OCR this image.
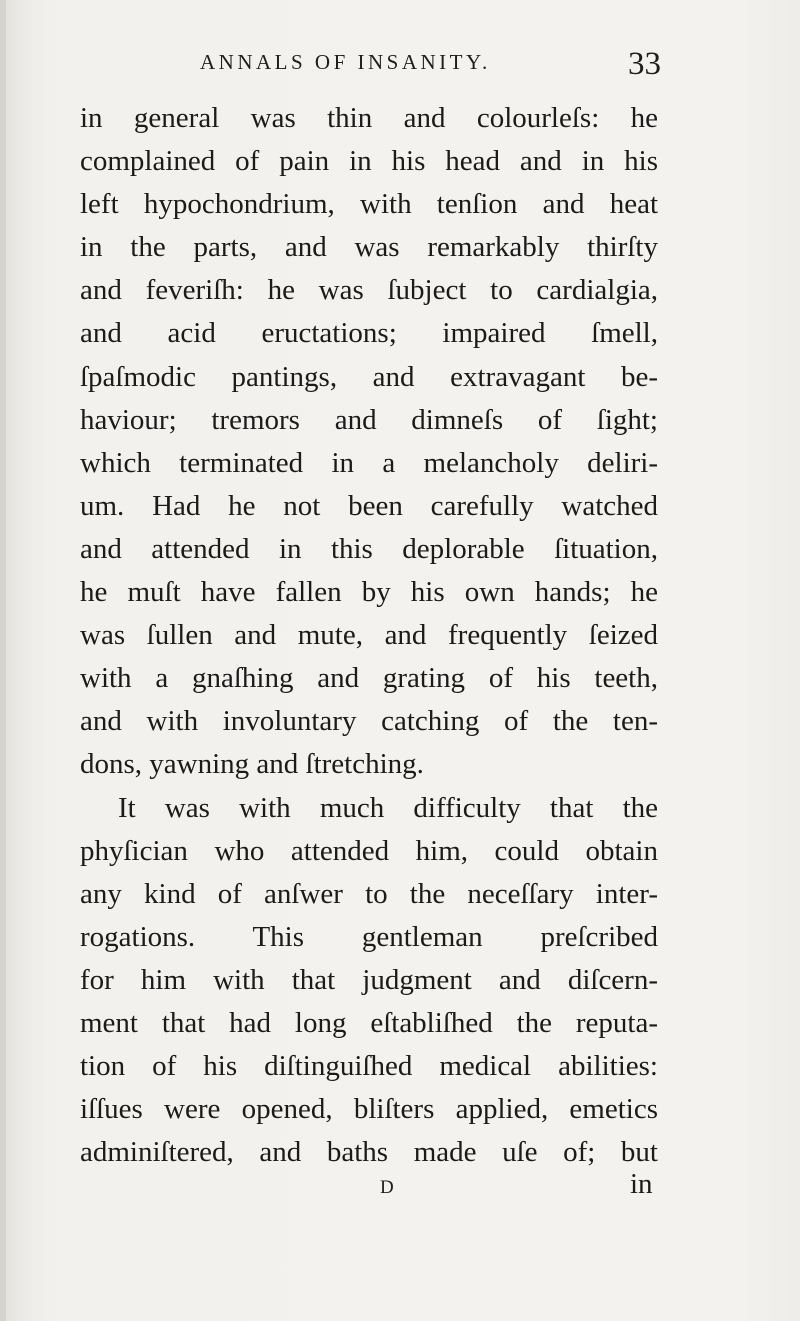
ANNALS OF INSANITY.	33
in general was thin and colourleſs: he
complained of pain in his head and in his
left hypochondrium, with tenſion and heat
in the parts, and was remarkably thirſty
and feveriſh: he was ſubject to cardialgia,
and acid eructations; impaired ſmell,
ſpaſmodic pantings, and extravagant be-
haviour; tremors and dimneſs of ſight;
which terminated in a melancholy deliri-
um. Had he not been carefully watched
and attended in this deplorable ſituation,
he muſt have fallen by his own hands; he
was ſullen and mute, and frequently ſeized
with a gnaſhing and grating of his teeth,
and with involuntary catching of the ten-
dons, yawning and ſtretching.
It was with much difficulty that the
phyſician who attended him, could obtain
any kind of anſwer to the neceſſary inter-
rogations. This gentleman preſcribed
for him with that judgment and diſcern-
ment that had long eſtabliſhed the reputa-
tion of his diſtinguiſhed medical abilities:
iſſues were opened, bliſters applied, emetics
adminiſtered, and baths made uſe of; but
D	in
